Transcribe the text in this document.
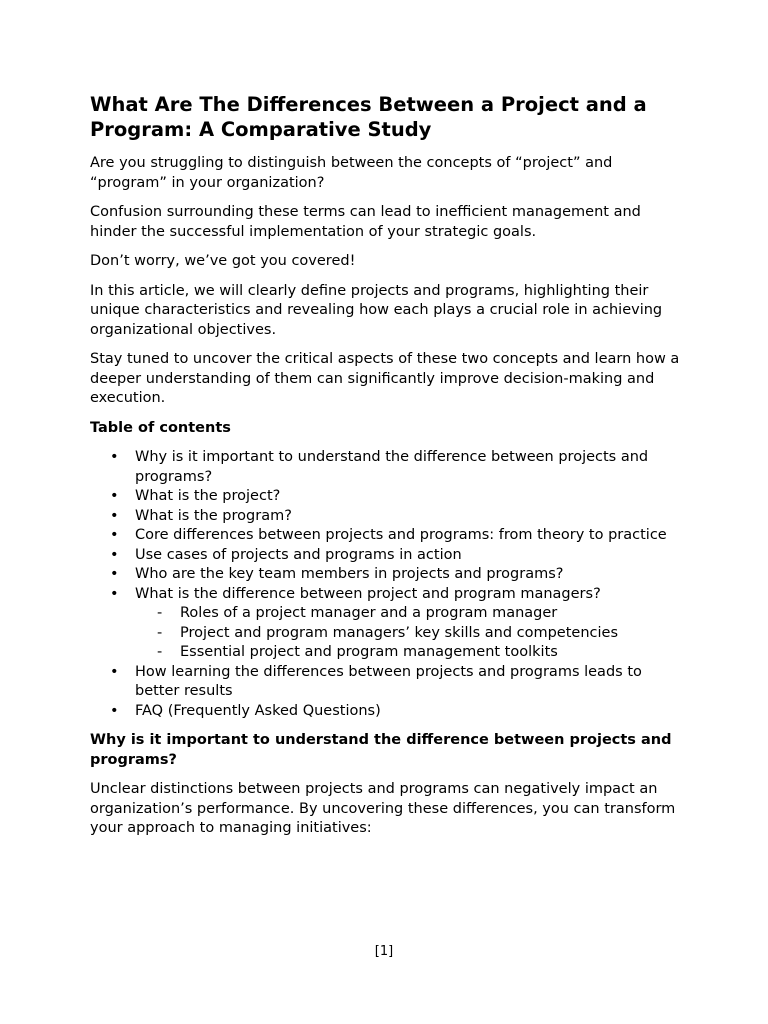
What Are The Differences Between a Project and a Program: A Comparative Study

Are you struggling to distinguish between the concepts of “project” and “program” in your organization?

Confusion surrounding these terms can lead to inefficient management and hinder the successful implementation of your strategic goals.

Don’t worry, we’ve got you covered!

In this article, we will clearly define projects and programs, highlighting their unique characteristics and revealing how each plays a crucial role in achieving organizational objectives.

Stay tuned to uncover the critical aspects of these two concepts and learn how a deeper understanding of them can significantly improve decision-making and execution.

Table of contents

• Why is it important to understand the difference between projects and programs?
• What is the project?
• What is the program?
• Core differences between projects and programs: from theory to practice
• Use cases of projects and programs in action
• Who are the key team members in projects and programs?
• What is the difference between project and program managers?
- Roles of a project manager and a program manager
- Project and program managers’ key skills and competencies
- Essential project and program management toolkits
• How learning the differences between projects and programs leads to better results
• FAQ (Frequently Asked Questions)

Why is it important to understand the difference between projects and programs?

Unclear distinctions between projects and programs can negatively impact an organization’s performance. By uncovering these differences, you can transform your approach to managing initiatives:

[1]
